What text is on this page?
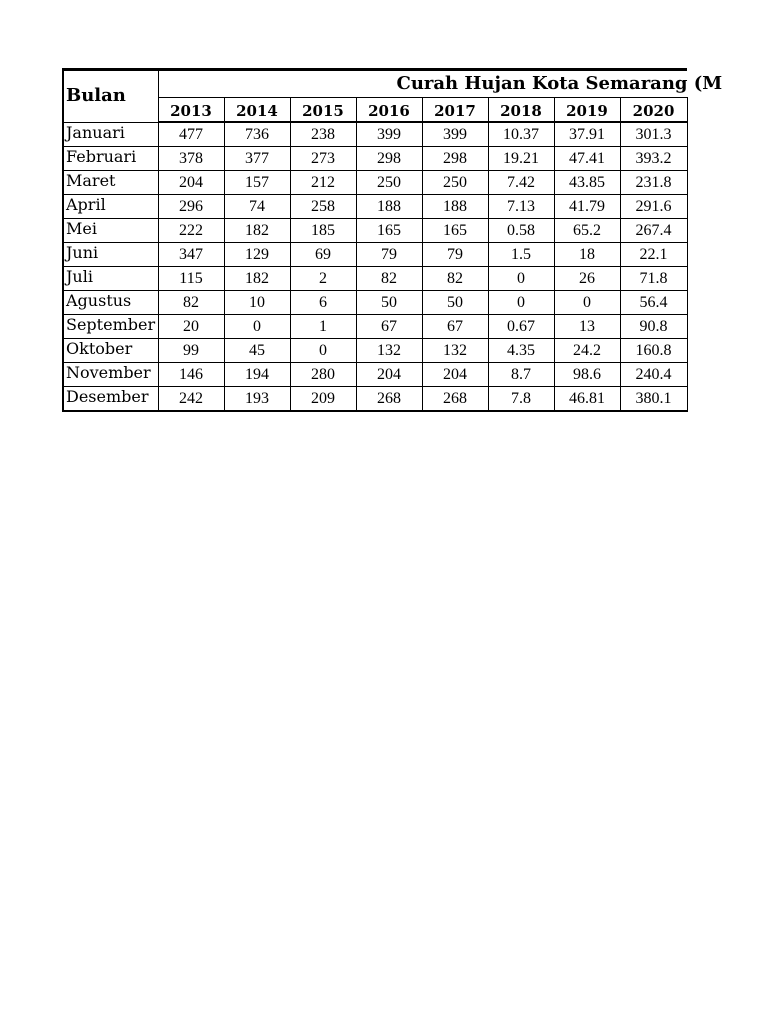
Bulan	Curah Hujan Kota Semarang (M							
	2013	2014	2015	2016	2017	2018	2019	2020
Januari	477	736	238	399	399	10.37	37.91	301.3
Februari	378	377	273	298	298	19.21	47.41	393.2
Maret	204	157	212	250	250	7.42	43.85	231.8
April	296	74	258	188	188	7.13	41.79	291.6
Mei	222	182	185	165	165	0.58	65.2	267.4
Juni	347	129	69	79	79	1.5	18	22.1
Juli	115	182	2	82	82	0	26	71.8
Agustus	82	10	6	50	50	0	0	56.4
September	20	0	1	67	67	0.67	13	90.8
Oktober	99	45	0	132	132	4.35	24.2	160.8
November	146	194	280	204	204	8.7	98.6	240.4
Desember	242	193	209	268	268	7.8	46.81	380.1
